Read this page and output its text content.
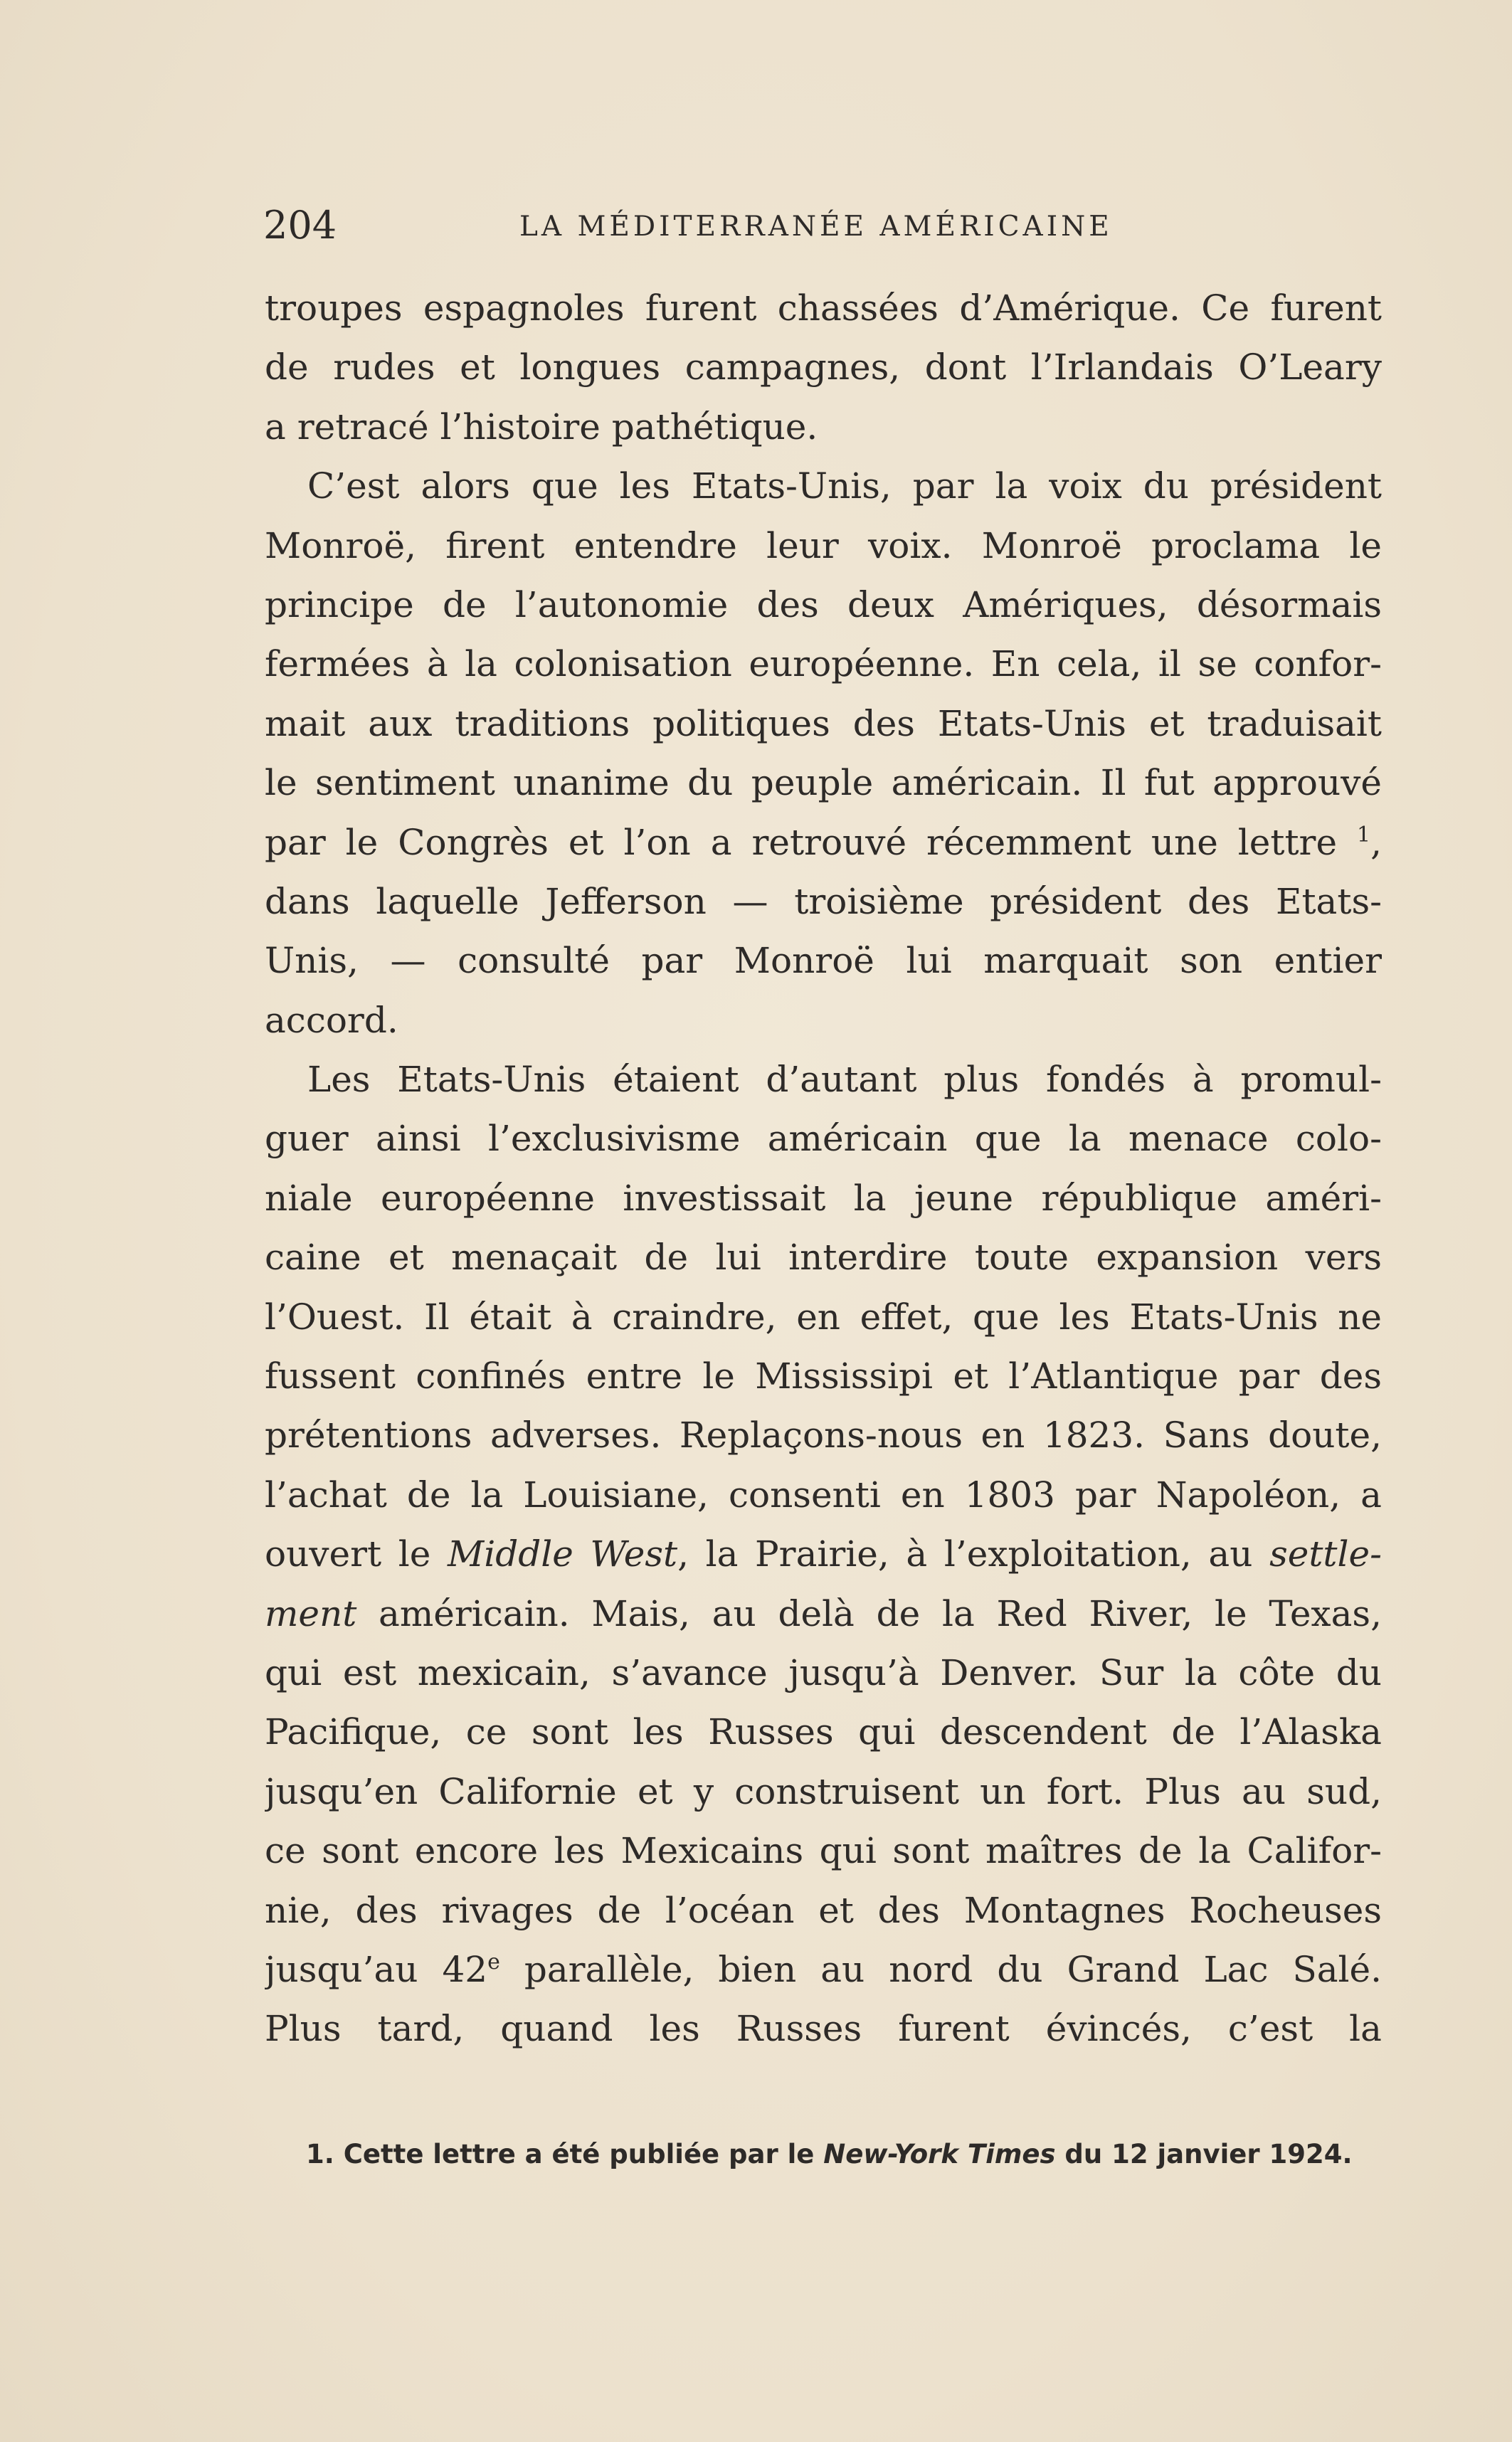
204	LA MÉDITERRANÉE AMÉRICAINE
troupes espagnoles furent chassées d’Amérique. Ce furent
de rudes et longues campagnes, dont l’Irlandais O’Leary
a retracé l’histoire pathétique.
C’est alors que les Etats-Unis, par la voix du président
Monroë, firent entendre leur voix. Monroë proclama le
principe de l’autonomie des deux Amériques, désormais
fermées à la colonisation européenne. En cela, il se confor-
mait aux traditions politiques des Etats-Unis et traduisait
le sentiment unanime du peuple américain. Il fut approuvé
par le Congrès et l’on a retrouvé récemment une lettre $^1$,
dans laquelle Jefferson — troisième président des Etats-
Unis, — consulté par Monroë lui marquait son entier
accord.
Les Etats-Unis étaient d’autant plus fondés à promul-
guer ainsi l’exclusivisme américain que la menace colo-
niale européenne investissait la jeune république améri-
caine et menaçait de lui interdire toute expansion vers
l’Ouest. Il était à craindre, en effet, que les Etats-Unis ne
fussent confinés entre le Mississipi et l’Atlantique par des
prétentions adverses. Replaçons-nous en 1823. Sans doute,
l’achat de la Louisiane, consenti en 1803 par Napoléon, a
ouvert le Middle West, la Prairie, à l’exploitation, au settle-
ment américain. Mais, au delà de la Red River, le Texas,
qui est mexicain, s’avance jusqu’à Denver. Sur la côte du
Pacifique, ce sont les Russes qui descendent de l’Alaska
jusqu’en Californie et y construisent un fort. Plus au sud,
ce sont encore les Mexicains qui sont maîtres de la Califor-
nie, des rivages de l’océan et des Montagnes Rocheuses
jusqu’au 42e parallèle, bien au nord du Grand Lac Salé.
Plus tard, quand les Russes furent évincés, c’est la
1. Cette lettre a été publiée par le New-York Times du 12 janvier 1924.
